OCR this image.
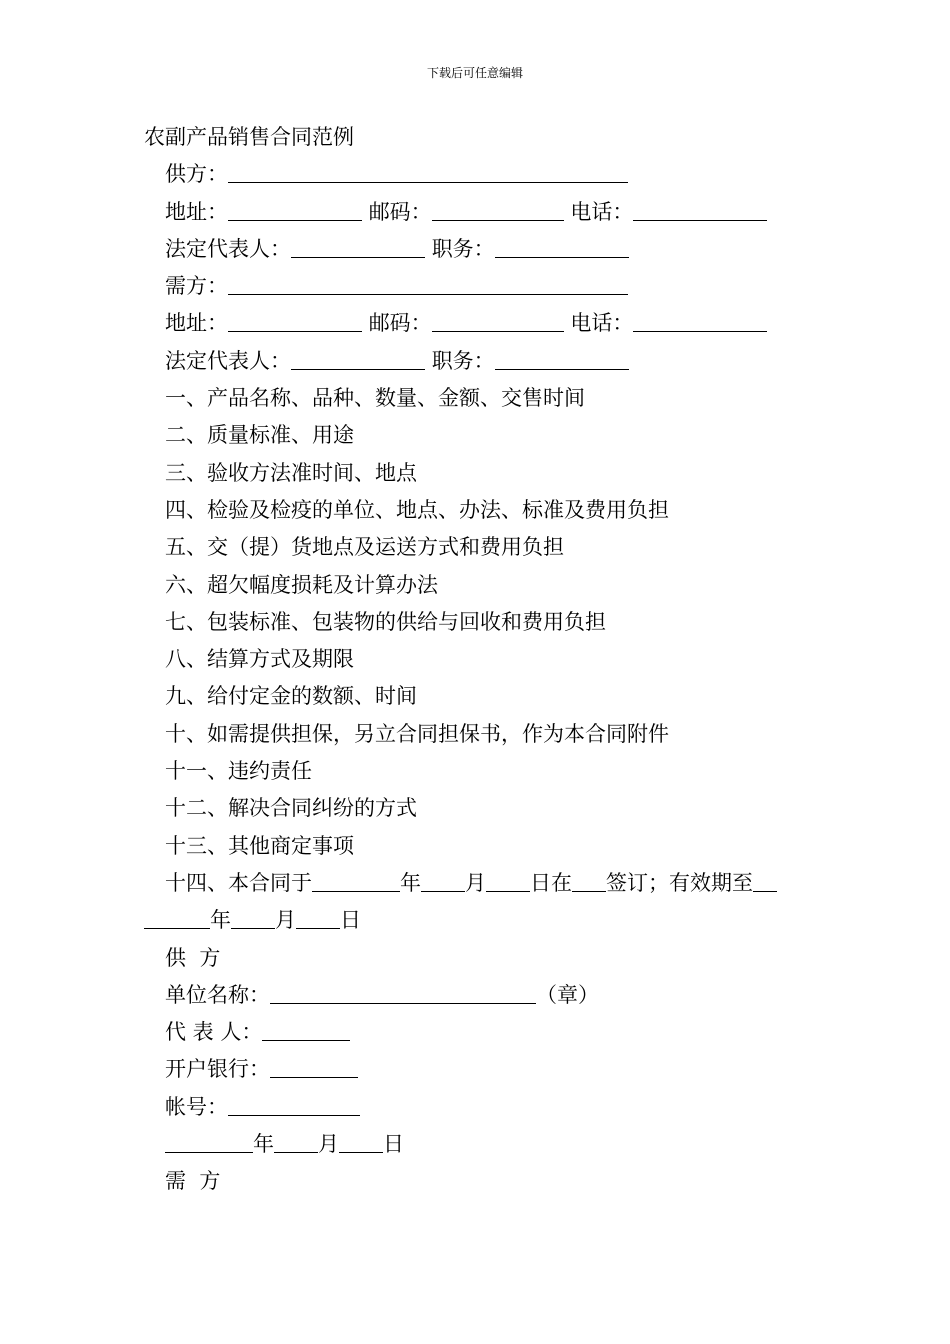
下载后可任意编辑
农副产品销售合同范例
供方：
地址：	邮码：	电话：
法定代表人：	职务：
需方：
地址：	邮码：	电话：
法定代表人：	职务：
一、产品名称、品种、数量、金额、交售时间
二、质量标准、用途
三、验收方法准时间、地点
四、检验及检疫的单位、地点、办法、标准及费用负担
五、交（提）货地点及运送方式和费用负担
六、超欠幅度损耗及计算办法
七、包装标准、包装物的供给与回收和费用负担
八、结算方式及期限
九、给付定金的数额、时间
十、如需提供担保，另立合同担保书，作为本合同附件
十一、违约责任
十二、解决合同纠纷的方式
十三、其他商定事项
十四、本合同于	年 月 日在 签订；有效期至
年 月 日
供  方
单位名称：	（章）
代 表 人：
开户银行：
帐号：
年 月 日
需  方
